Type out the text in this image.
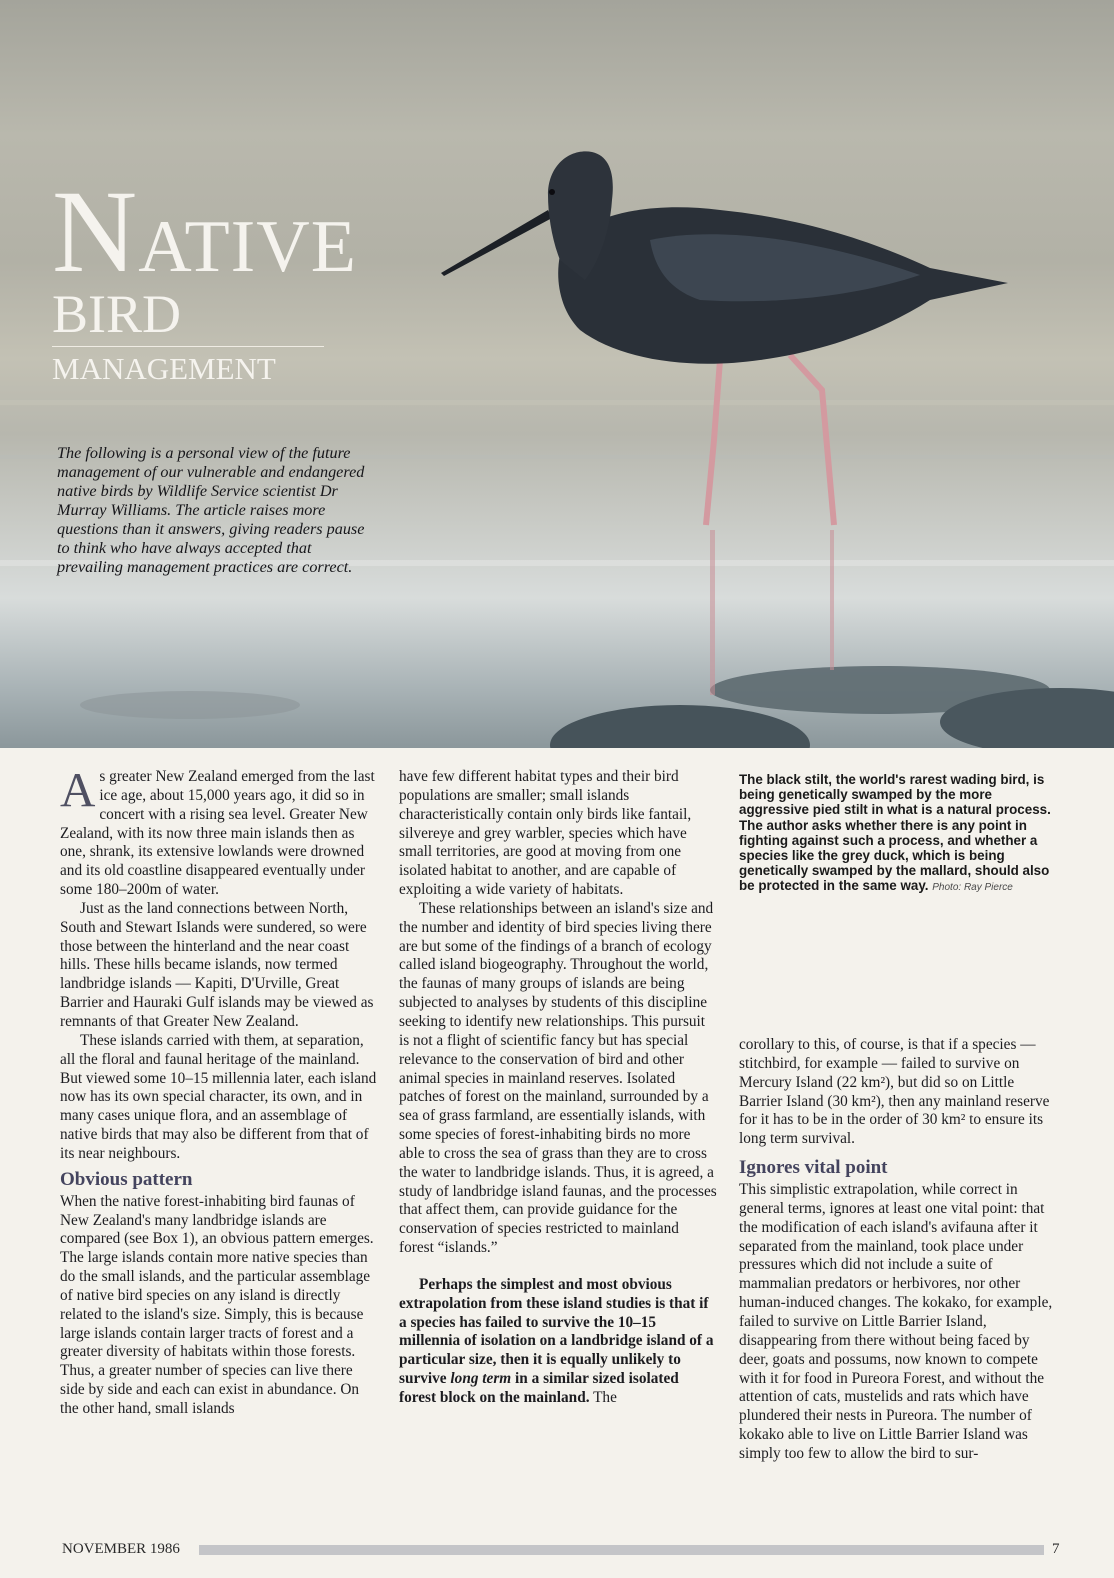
NATIVE
BIRD
MANAGEMENT

The following is a personal view of the future management of our vulnerable and endangered native birds by Wildlife Service scientist Dr Murray Williams. The article raises more questions than it answers, giving readers pause to think who have always accepted that prevailing management practices are correct.

As greater New Zealand emerged from the last ice age, about 15,000 years ago, it did so in concert with a rising sea level. Greater New Zealand, with its now three main islands then as one, shrank, its extensive lowlands were drowned and its old coastline disappeared eventually under some 180–200m of water.

Just as the land connections between North, South and Stewart Islands were sundered, so were those between the hinterland and the near coast hills. These hills became islands, now termed landbridge islands — Kapiti, D'Urville, Great Barrier and Hauraki Gulf islands may be viewed as remnants of that Greater New Zealand.

These islands carried with them, at separation, all the floral and faunal heritage of the mainland. But viewed some 10–15 millennia later, each island now has its own special character, its own, and in many cases unique flora, and an assemblage of native birds that may also be different from that of its near neighbours.

Obvious pattern

When the native forest-inhabiting bird faunas of New Zealand's many landbridge islands are compared (see Box 1), an obvious pattern emerges. The large islands contain more native species than do the small islands, and the particular assemblage of native bird species on any island is directly related to the island's size. Simply, this is because large islands contain larger tracts of forest and a greater diversity of habitats within those forests. Thus, a greater number of species can live there side by side and each can exist in abundance. On the other hand, small islands

have few different habitat types and their bird populations are smaller; small islands characteristically contain only birds like fantail, silvereye and grey warbler, species which have small territories, are good at moving from one isolated habitat to another, and are capable of exploiting a wide variety of habitats.

These relationships between an island's size and the number and identity of bird species living there are but some of the findings of a branch of ecology called island biogeography. Throughout the world, the faunas of many groups of islands are being subjected to analyses by students of this discipline seeking to identify new relationships. This pursuit is not a flight of scientific fancy but has special relevance to the conservation of bird and other animal species in mainland reserves. Isolated patches of forest on the mainland, surrounded by a sea of grass farmland, are essentially islands, with some species of forest-inhabiting birds no more able to cross the sea of grass than they are to cross the water to landbridge islands. Thus, it is agreed, a study of landbridge island faunas, and the processes that affect them, can provide guidance for the conservation of species restricted to mainland forest “islands.”

Perhaps the simplest and most obvious extrapolation from these island studies is that if a species has failed to survive the 10–15 millennia of isolation on a landbridge island of a particular size, then it is equally unlikely to survive long term in a similar sized isolated forest block on the mainland. The

The black stilt, the world's rarest wading bird, is being genetically swamped by the more aggressive pied stilt in what is a natural process. The author asks whether there is any point in fighting against such a process, and whether a species like the grey duck, which is being genetically swamped by the mallard, should also be protected in the same way. Photo: Ray Pierce

corollary to this, of course, is that if a species — stitchbird, for example — failed to survive on Mercury Island (22 km²), but did so on Little Barrier Island (30 km²), then any mainland reserve for it has to be in the order of 30 km² to ensure its long term survival.

Ignores vital point

This simplistic extrapolation, while correct in general terms, ignores at least one vital point: that the modification of each island's avifauna after it separated from the mainland, took place under pressures which did not include a suite of mammalian predators or herbivores, nor other human-induced changes. The kokako, for example, failed to survive on Little Barrier Island, disappearing from there without being faced by deer, goats and possums, now known to compete with it for food in Pureora Forest, and without the attention of cats, mustelids and rats which have plundered their nests in Pureora. The number of kokako able to live on Little Barrier Island was simply too few to allow the bird to sur-

NOVEMBER 1986	7
